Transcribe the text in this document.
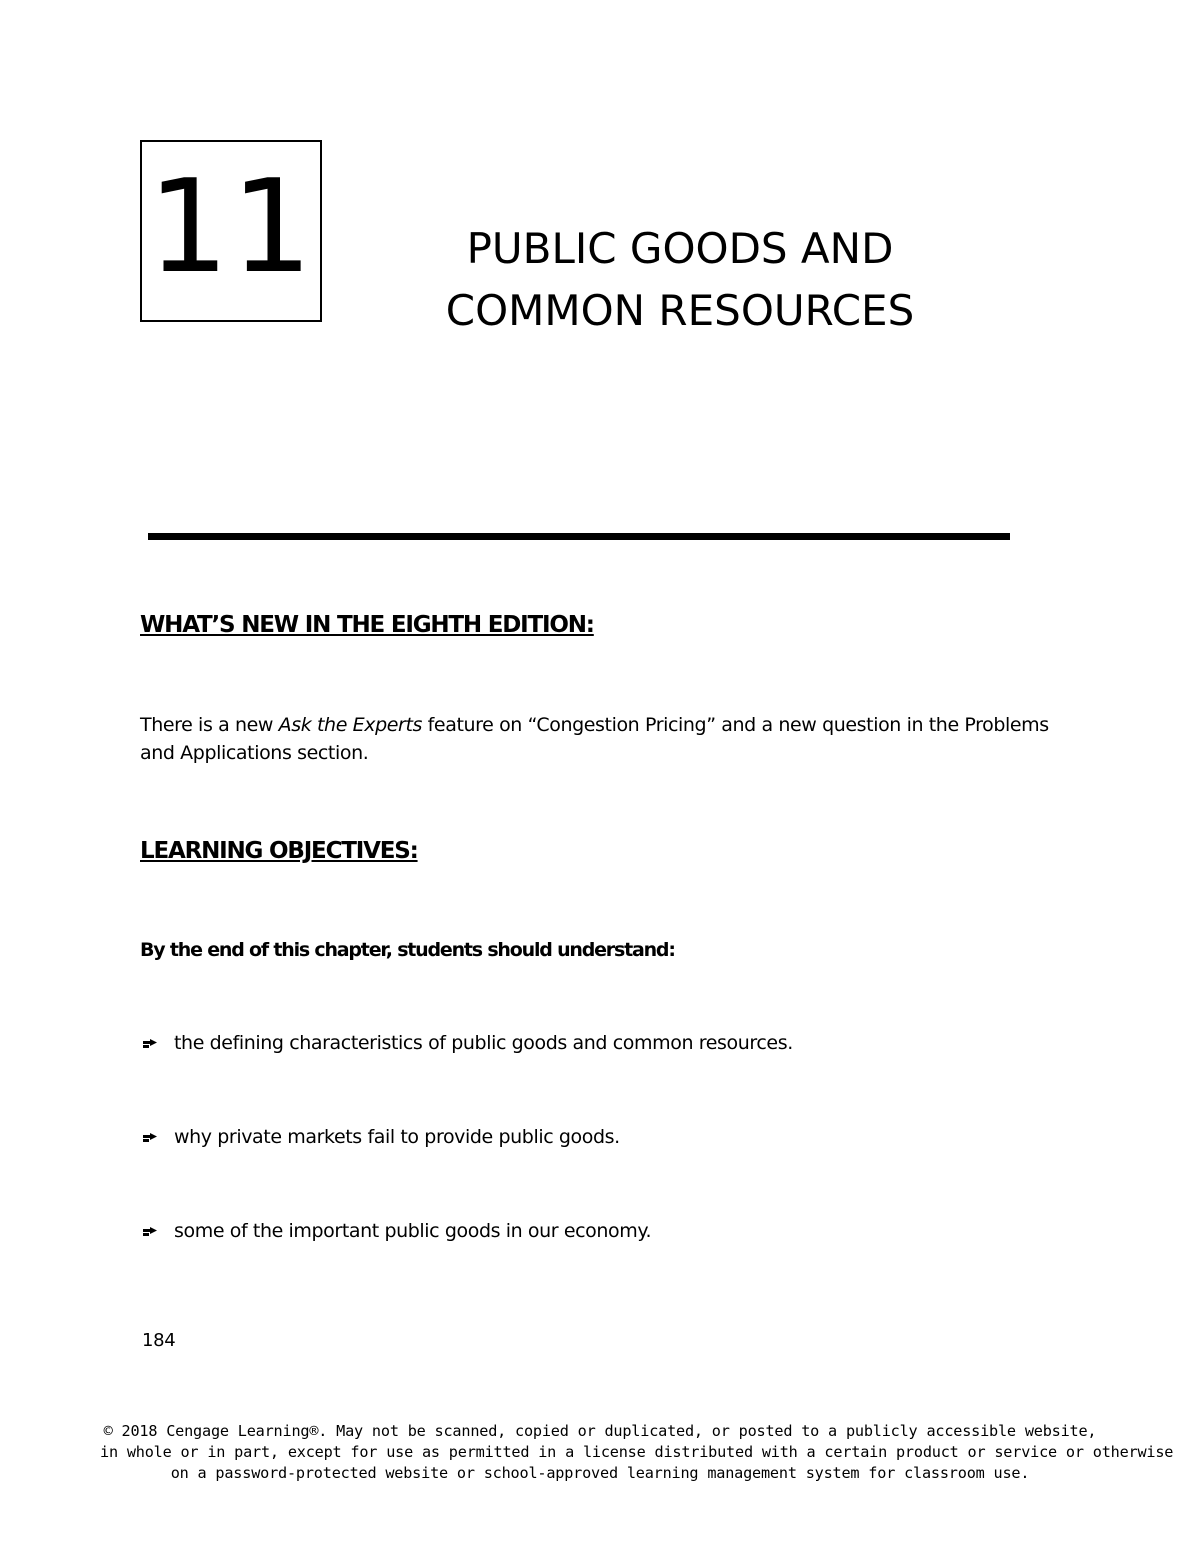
11	PUBLIC GOODS AND
COMMON RESOURCES
WHAT’S NEW IN THE EIGHTH EDITION:
There is a new Ask the Experts feature on “Congestion Pricing” and a new question in the Problems and Applications section.
LEARNING OBJECTIVES:
By the end of this chapter, students should understand:
the defining characteristics of public goods and common resources.
why private markets fail to provide public goods.
some of the important public goods in our economy.
184
© 2018 Cengage Learning®. May not be scanned, copied or duplicated, or posted to a publicly accessible website,
in whole or in part, except for use as permitted in a license distributed with a certain product or service or otherwise
on a password-protected website or school-approved learning management system for classroom use.
